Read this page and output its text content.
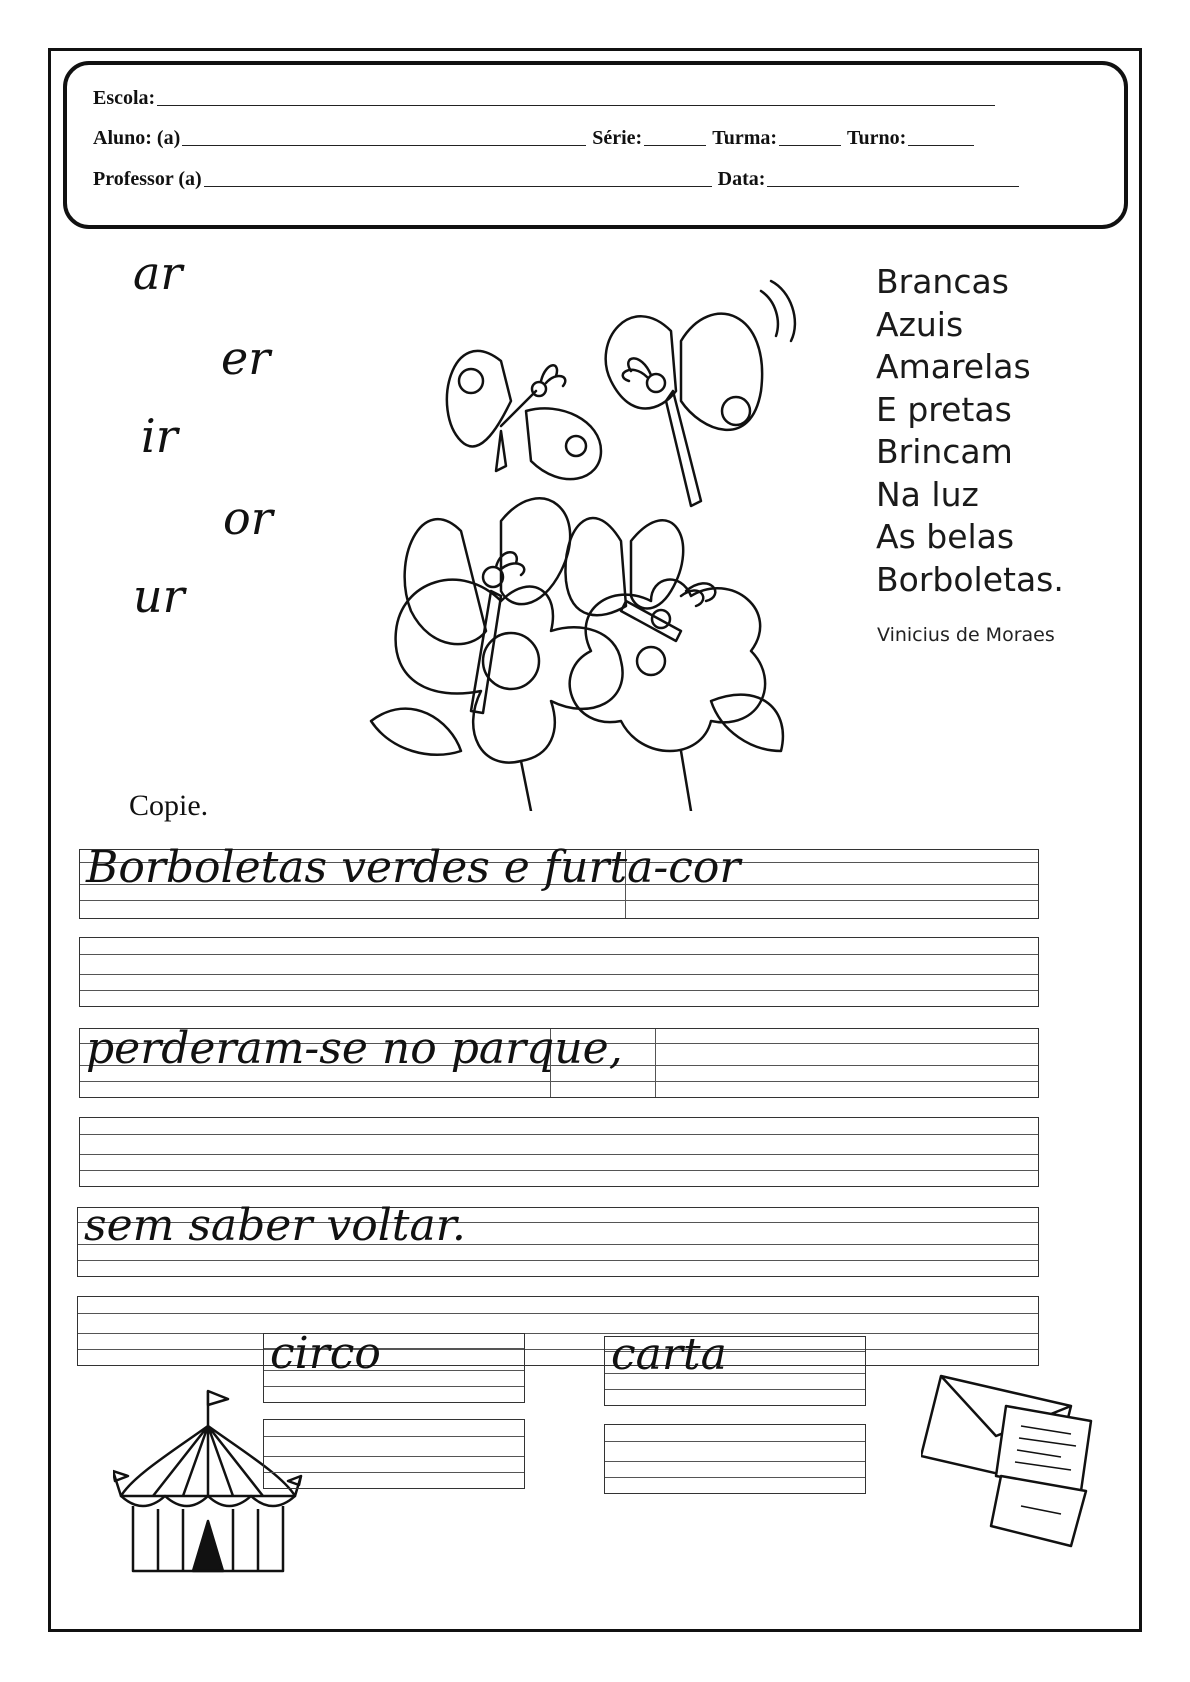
Escola:
Aluno: (a)	Série:	Turma:	Turno:
Professor (a)	Data:
ar
er
ir
or
ur
Brancas
Azuis
Amarelas
E pretas
Brincam
Na luz
As belas
Borboletas.
Vinicius de Moraes
Copie.
Borboletas verdes e furta-cor
perderam-se no parque,
sem saber voltar.
circo	carta
